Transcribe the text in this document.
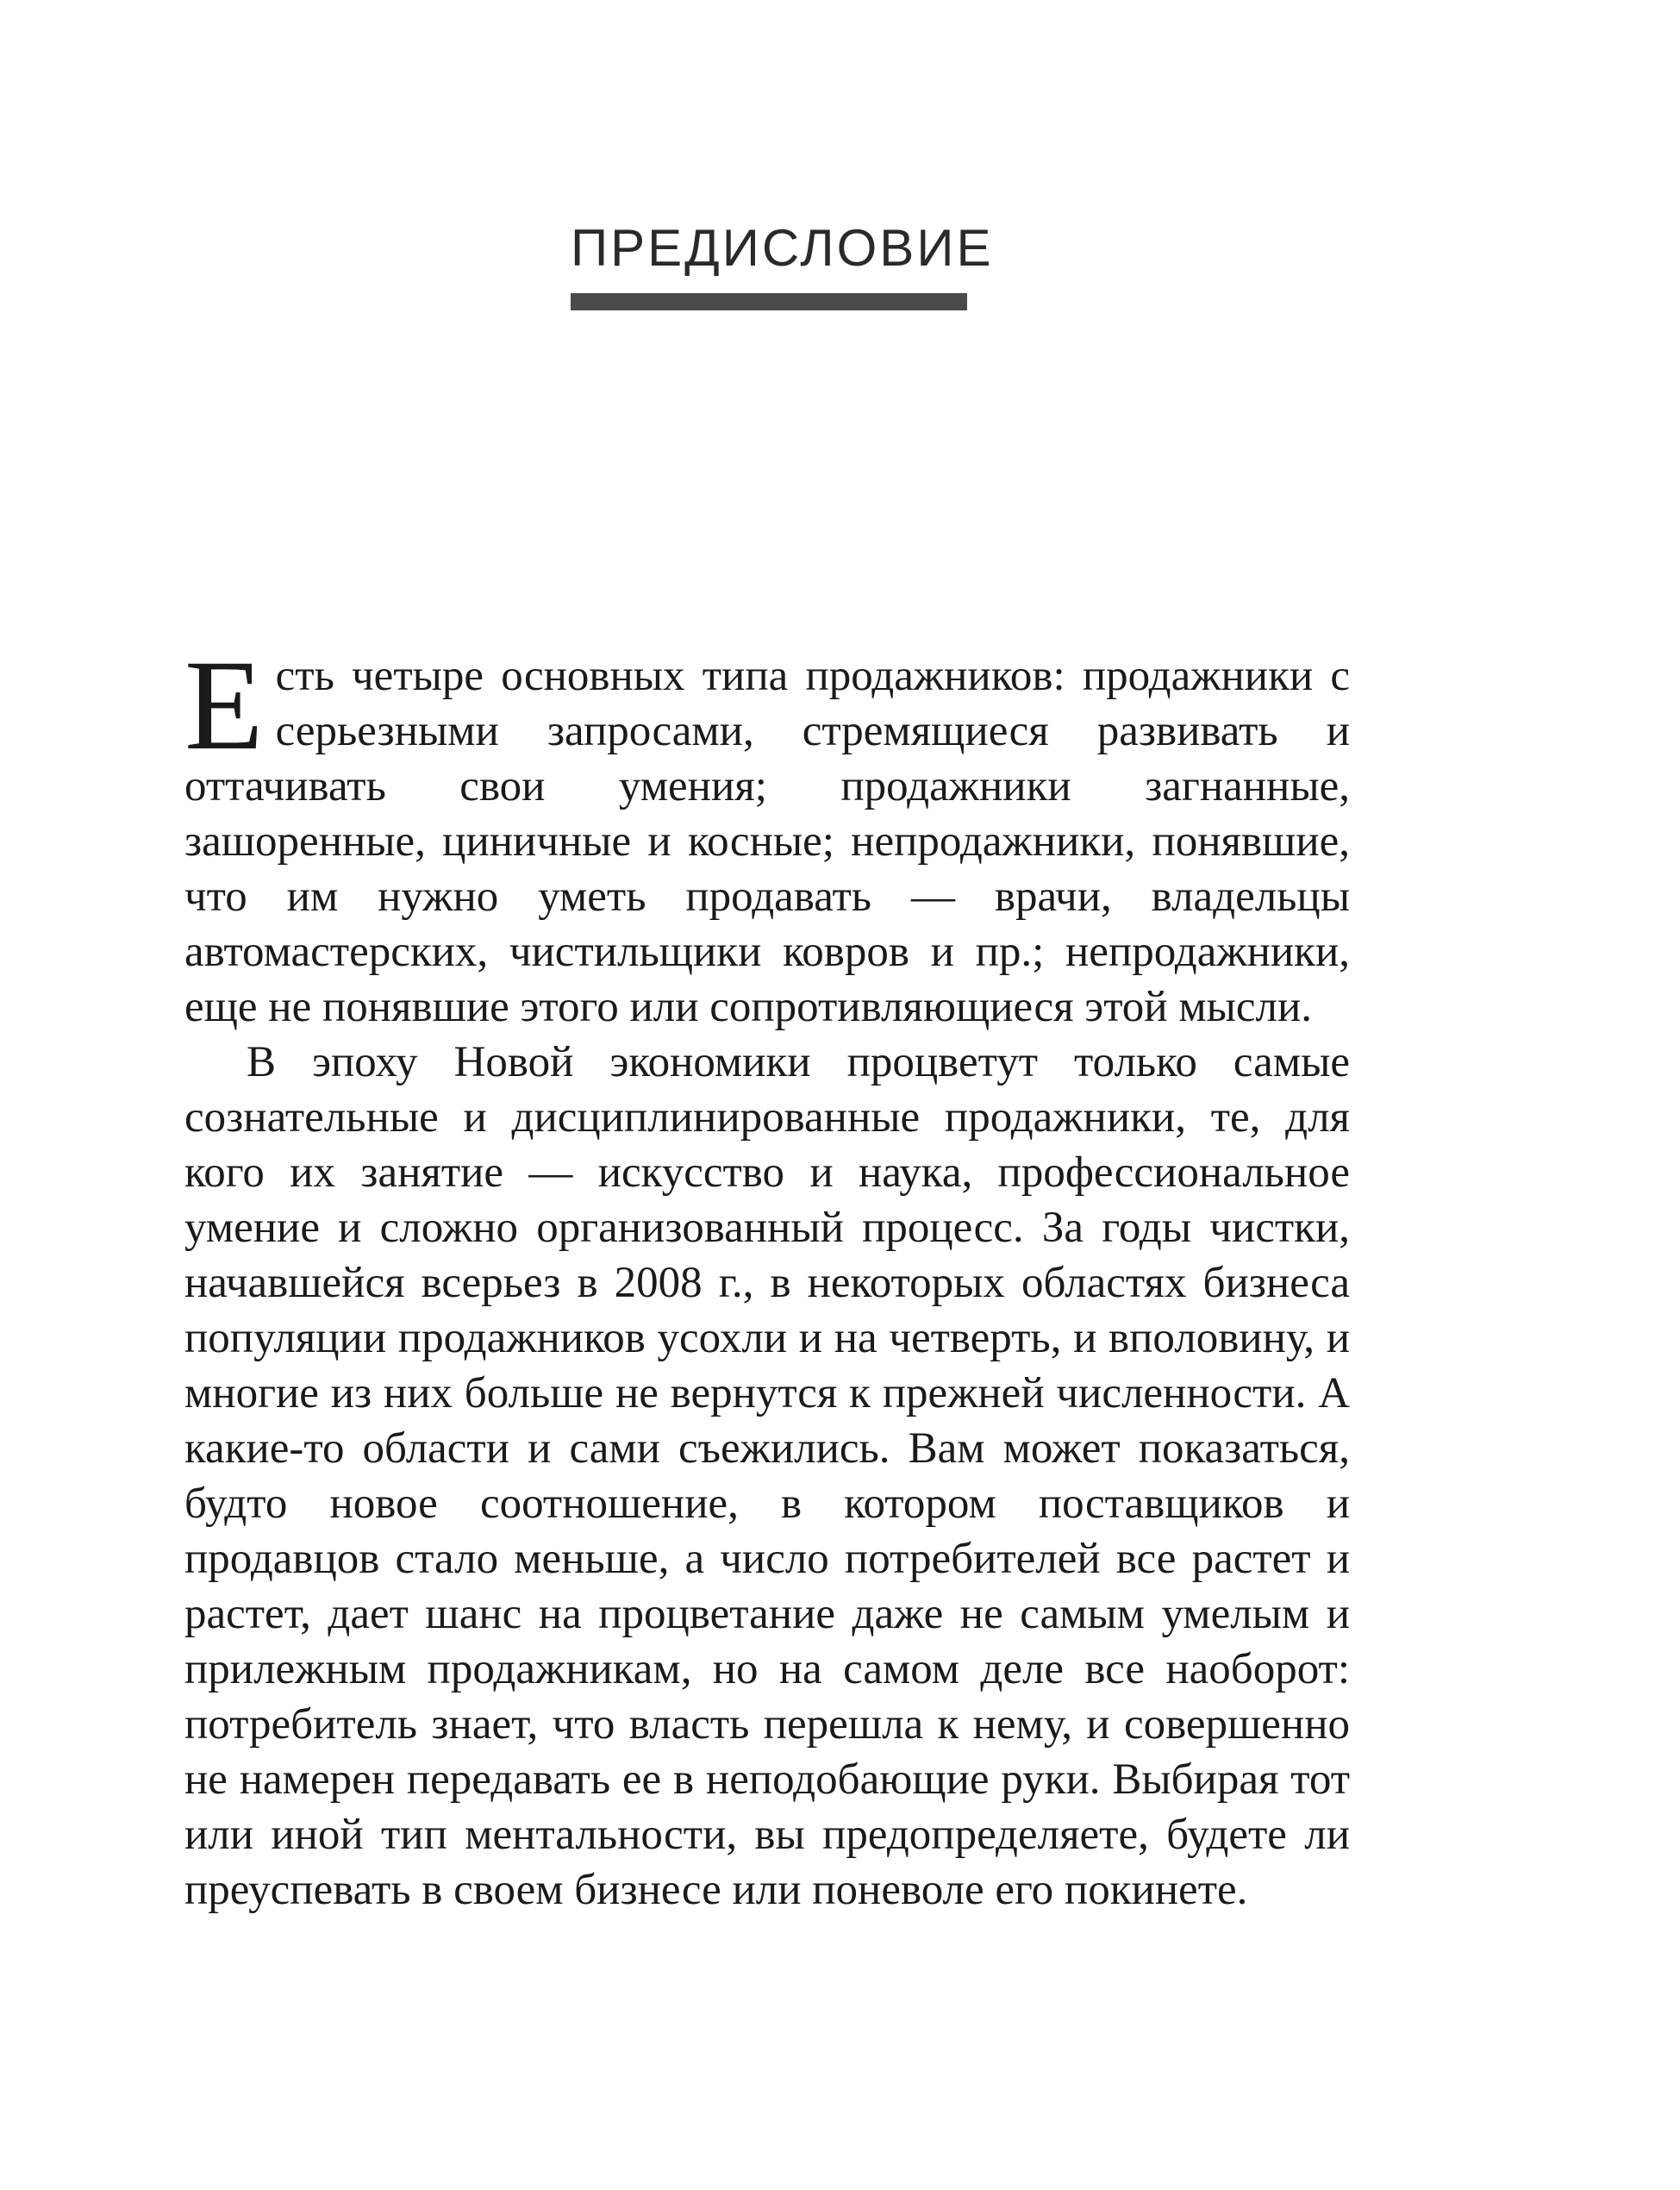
ПРЕДИСЛОВИЕ

Есть четыре основных типа продажников: продажники с серьезными запросами, стремящиеся развивать и оттачивать свои умения; продажники загнанные, зашоренные, циничные и косные; непродажники, понявшие, что им нужно уметь продавать — врачи, владельцы автомастерских, чистильщики ковров и пр.; непродажники, еще не понявшие этого или сопротивляющиеся этой мысли.

В эпоху Новой экономики процветут только самые сознательные и дисциплинированные продажники, те, для кого их занятие — искусство и наука, профессиональное умение и сложно организованный процесс. За годы чистки, начавшейся всерьез в 2008 г., в некоторых областях бизнеса популяции продажников усохли и на четверть, и вполовину, и многие из них больше не вернутся к прежней численности. А какие-то области и сами съежились. Вам может показаться, будто новое соотношение, в котором поставщиков и продавцов стало меньше, а число потребителей все растет и растет, дает шанс на процветание даже не самым умелым и прилежным продажникам, но на самом деле все наоборот: потребитель знает, что власть перешла к нему, и совершенно не намерен передавать ее в неподобающие руки. Выбирая тот или иной тип ментальности, вы предопределяете, будете ли преуспевать в своем бизнесе или поневоле его покинете.
